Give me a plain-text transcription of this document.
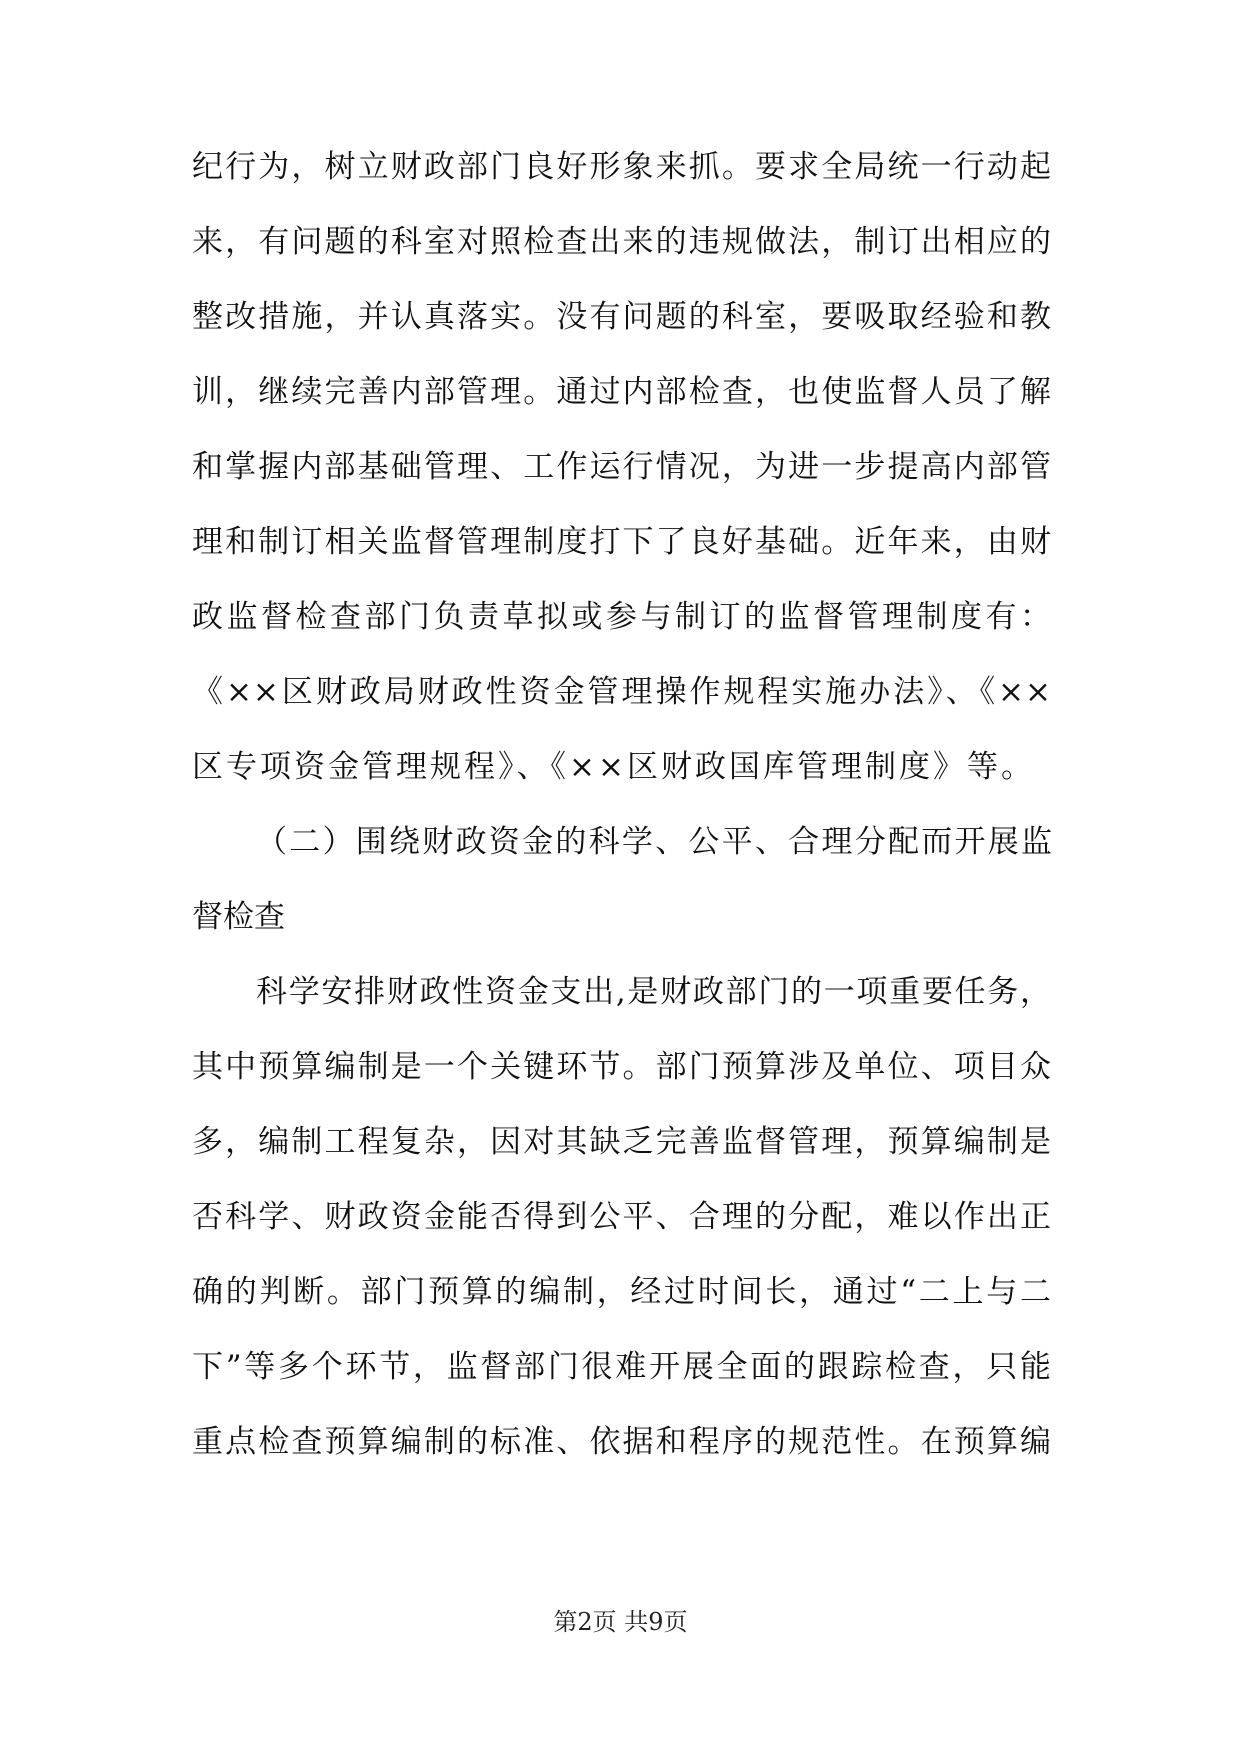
纪行为，树立财政部门良好形象来抓。要求全局统一行动起
来，有问题的科室对照检查出来的违规做法，制订出相应的
整改措施，并认真落实。没有问题的科室，要吸取经验和教
训，继续完善内部管理。通过内部检查，也使监督人员了解
和掌握内部基础管理、工作运行情况，为进一步提高内部管
理和制订相关监督管理制度打下了良好基础。近年来，由财
政监督检查部门负责草拟或参与制订的监督管理制度有：
《××区财政局财政性资金管理操作规程实施办法》、《××
区专项资金管理规程》、《××区财政国库管理制度》等。
（二）围绕财政资金的科学、公平、合理分配而开展监
督检查
科学安排财政性资金支出,是财政部门的一项重要任务，
其中预算编制是一个关键环节。部门预算涉及单位、项目众
多，编制工程复杂，因对其缺乏完善监督管理，预算编制是
否科学、财政资金能否得到公平、合理的分配，难以作出正
确的判断。部门预算的编制，经过时间长，通过“二上与二
下”等多个环节，监督部门很难开展全面的跟踪检查，只能
重点检查预算编制的标准、依据和程序的规范性。在预算编
第2页 共9页
